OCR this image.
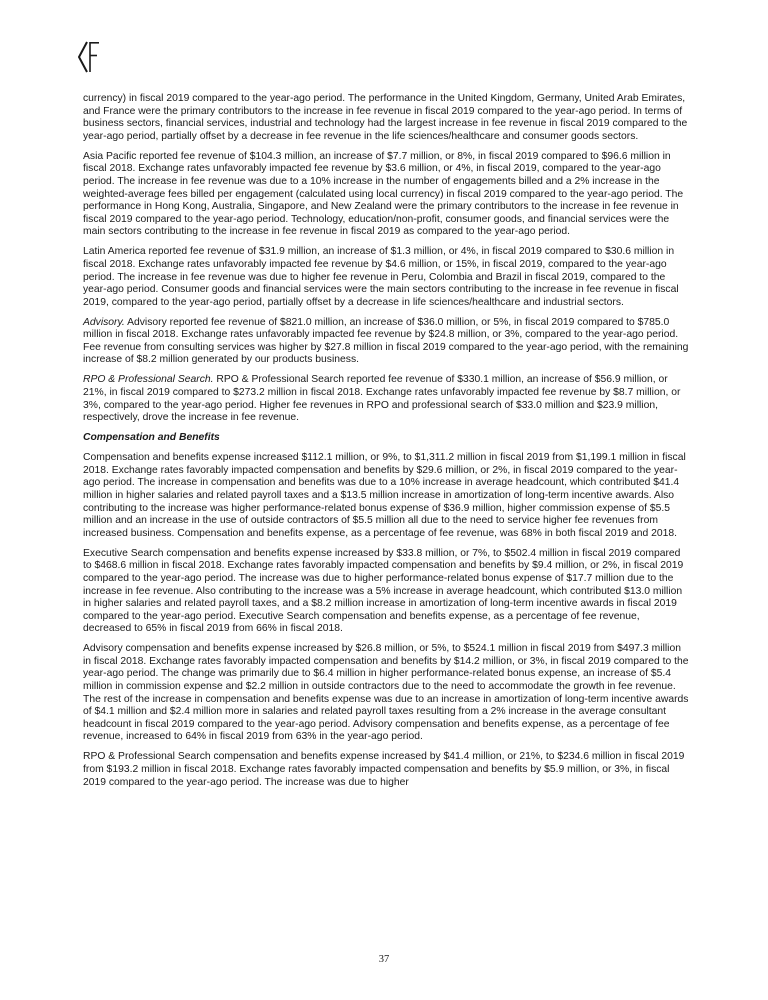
currency) in fiscal 2019 compared to the year-ago period. The performance in the United Kingdom, Germany, United Arab Emirates, and France were the primary contributors to the increase in fee revenue in fiscal 2019 compared to the year-ago period. In terms of business sectors, financial services, industrial and technology had the largest increase in fee revenue in fiscal 2019 compared to the year-ago period, partially offset by a decrease in fee revenue in the life sciences/healthcare and consumer goods sectors.

Asia Pacific reported fee revenue of $104.3 million, an increase of $7.7 million, or 8%, in fiscal 2019 compared to $96.6 million in fiscal 2018. Exchange rates unfavorably impacted fee revenue by $3.6 million, or 4%, in fiscal 2019, compared to the year-ago period. The increase in fee revenue was due to a 10% increase in the number of engagements billed and a 2% increase in the weighted-average fees billed per engagement (calculated using local currency) in fiscal 2019 compared to the year-ago period. The performance in Hong Kong, Australia, Singapore, and New Zealand were the primary contributors to the increase in fee revenue in fiscal 2019 compared to the year-ago period. Technology, education/non-profit, consumer goods, and financial services were the main sectors contributing to the increase in fee revenue in fiscal 2019 as compared to the year-ago period.

Latin America reported fee revenue of $31.9 million, an increase of $1.3 million, or 4%, in fiscal 2019 compared to $30.6 million in fiscal 2018. Exchange rates unfavorably impacted fee revenue by $4.6 million, or 15%, in fiscal 2019, compared to the year-ago period. The increase in fee revenue was due to higher fee revenue in Peru, Colombia and Brazil in fiscal 2019, compared to the year-ago period. Consumer goods and financial services were the main sectors contributing to the increase in fee revenue in fiscal 2019, compared to the year-ago period, partially offset by a decrease in life sciences/healthcare and industrial sectors.

Advisory. Advisory reported fee revenue of $821.0 million, an increase of $36.0 million, or 5%, in fiscal 2019 compared to $785.0 million in fiscal 2018. Exchange rates unfavorably impacted fee revenue by $24.8 million, or 3%, compared to the year-ago period. Fee revenue from consulting services was higher by $27.8 million in fiscal 2019 compared to the year-ago period, with the remaining increase of $8.2 million generated by our products business.

RPO & Professional Search. RPO & Professional Search reported fee revenue of $330.1 million, an increase of $56.9 million, or 21%, in fiscal 2019 compared to $273.2 million in fiscal 2018. Exchange rates unfavorably impacted fee revenue by $8.7 million, or 3%, compared to the year-ago period. Higher fee revenues in RPO and professional search of $33.0 million and $23.9 million, respectively, drove the increase in fee revenue.

Compensation and Benefits

Compensation and benefits expense increased $112.1 million, or 9%, to $1,311.2 million in fiscal 2019 from $1,199.1 million in fiscal 2018. Exchange rates favorably impacted compensation and benefits by $29.6 million, or 2%, in fiscal 2019 compared to the year-ago period. The increase in compensation and benefits was due to a 10% increase in average headcount, which contributed $41.4 million in higher salaries and related payroll taxes and a $13.5 million increase in amortization of long-term incentive awards. Also contributing to the increase was higher performance-related bonus expense of $36.9 million, higher commission expense of $5.5 million and an increase in the use of outside contractors of $5.5 million all due to the need to service higher fee revenues from increased business. Compensation and benefits expense, as a percentage of fee revenue, was 68% in both fiscal 2019 and 2018.

Executive Search compensation and benefits expense increased by $33.8 million, or 7%, to $502.4 million in fiscal 2019 compared to $468.6 million in fiscal 2018. Exchange rates favorably impacted compensation and benefits by $9.4 million, or 2%, in fiscal 2019 compared to the year-ago period. The increase was due to higher performance-related bonus expense of $17.7 million due to the increase in fee revenue. Also contributing to the increase was a 5% increase in average headcount, which contributed $13.0 million in higher salaries and related payroll taxes, and a $8.2 million increase in amortization of long-term incentive awards in fiscal 2019 compared to the year-ago period. Executive Search compensation and benefits expense, as a percentage of fee revenue, decreased to 65% in fiscal 2019 from 66% in fiscal 2018.

Advisory compensation and benefits expense increased by $26.8 million, or 5%, to $524.1 million in fiscal 2019 from $497.3 million in fiscal 2018. Exchange rates favorably impacted compensation and benefits by $14.2 million, or 3%, in fiscal 2019 compared to the year-ago period. The change was primarily due to $6.4 million in higher performance-related bonus expense, an increase of $5.4 million in commission expense and $2.2 million in outside contractors due to the need to accommodate the growth in fee revenue. The rest of the increase in compensation and benefits expense was due to an increase in amortization of long-term incentive awards of $4.1 million and $2.4 million more in salaries and related payroll taxes resulting from a 2% increase in the average consultant headcount in fiscal 2019 compared to the year-ago period. Advisory compensation and benefits expense, as a percentage of fee revenue, increased to 64% in fiscal 2019 from 63% in the year-ago period.

RPO & Professional Search compensation and benefits expense increased by $41.4 million, or 21%, to $234.6 million in fiscal 2019 from $193.2 million in fiscal 2018. Exchange rates favorably impacted compensation and benefits by $5.9 million, or 3%, in fiscal 2019 compared to the year-ago period. The increase was due to higher

37
